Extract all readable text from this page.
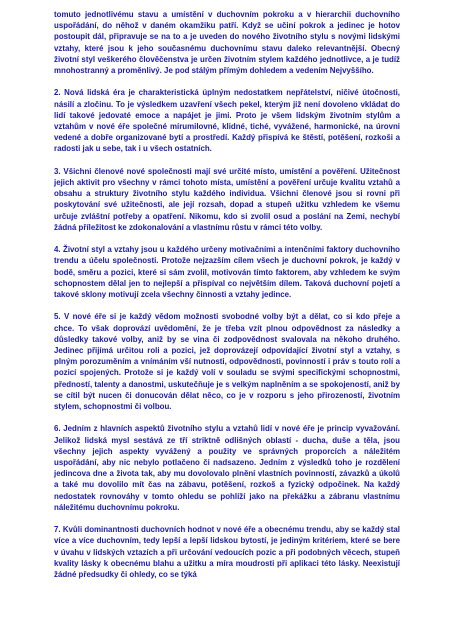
tomuto jednotlivému stavu a umístění v duchovním pokroku a v hierarchii duchovního uspořádání, do něhož v daném okamžiku patří. Když se učiní pokrok a jedinec je hotov postoupit dál, připravuje se na to a je uveden do nového životního stylu s novými lidskými vztahy, které jsou k jeho současnému duchovnímu stavu daleko relevantnější. Obecný životní styl veškerého člověčenstva je určen životním stylem každého jednotlivce, a je tudíž mnohostranný a proměnlivý. Je pod stálým přímým dohledem a vedením Nejvyššího.

2. Nová lidská éra je charakteristická úplným nedostatkem nepřátelství, ničivé útočnosti, násilí a zločinu. To je výsledkem uzavření všech pekel, kterým již není dovoleno vkládat do lidí takové jedovaté emoce a napájet je jimi. Proto je všem lidským životním stylům a vztahům v nové éře společné mírumilovné, klidné, tiché, vyvážené, harmonické, na úrovni vedené a dobře organizované bytí a prostředí. Každý přispívá ke štěstí, potěšení, rozkoši a radosti jak u sebe, tak i u všech ostatních.

3. Všichni členové nové společnosti mají své určité místo, umístění a pověření. Užitečnost jejich aktivit pro všechny v rámci tohoto místa, umístění a pověření určuje kvalitu vztahů a obsahu a struktury životního stylu každého individua. Všichni členové jsou si rovni při poskytování své užitečnosti, ale její rozsah, dopad a stupeň užitku vzhledem ke všemu určuje zvláštní potřeby a opatření. Nikomu, kdo si zvolil osud a poslání na Zemi, nechybí žádná příležitost ke zdokonalování a vlastnímu růstu v rámci této volby.

4. Životní styl a vztahy jsou u každého určeny motivačními a intenčními faktory duchovního trendu a účelu společnosti. Protože nejzazším cílem všech je duchovní pokrok, je každý v bodě, směru a pozici, které si sám zvolil, motivován tímto faktorem, aby vzhledem ke svým schopnostem dělal jen to nejlepší a přispíval co největším dílem. Taková duchovní pojetí a takové sklony motivují zcela všechny činnosti a vztahy jedince.

5. V nové éře si je každý vědom možnosti svobodné volby být a dělat, co si kdo přeje a chce. To však doprovází uvědomění, že je třeba vzít plnou odpovědnost za následky a důsledky takové volby, aniž by se vina či zodpovědnost svalovala na někoho druhého. Jedinec přijímá určitou roli a pozici, jež doprovázejí odpovídající životní styl a vztahy, s plným porozuměním a vnímáním vší nutnosti, odpovědnosti, povinností i práv s touto rolí a pozicí spojených. Protože si je každý volí v souladu se svými specifickými schopnostmi, předností, talenty a danostmi, uskutečňuje je s velkým naplněním a se spokojeností, aniž by se cítil být nucen či donucován dělat něco, co je v rozporu s jeho přirozeností, životním stylem, schopnostmi či volbou.

6. Jedním z hlavních aspektů životního stylu a vztahů lidí v nové éře je princip vyvažování. Jelikož lidská mysl sestává ze tří striktně odlišných oblastí - ducha, duše a těla, jsou všechny jejich aspekty vyvážený a použity ve správných proporcích a náležitém uspořádání, aby nic nebylo potlačeno či nadsazeno. Jedním z výsledků toho je rozdělení jedincova dne a života tak, aby mu dovolovalo plnění vlastních povinností, závazků a úkolů a také mu dovolilo mít čas na zábavu, potěšení, rozkoš a fyzický odpočinek. Na každý nedostatek rovnováhy v tomto ohledu se pohlíží jako na překážku a zábranu vlastnímu náležitému duchovnímu pokroku.

7. Kvůli dominantnosti duchovních hodnot v nové éře a obecnému trendu, aby se každý stal více a více duchovním, tedy lepší a lepší lidskou bytostí, je jediným kritériem, které se bere v úvahu v lidských vztazích a při určování vedoucích pozic a při podobných věcech, stupeň kvality lásky k obecnému blahu a užitku a míra moudrosti při aplikaci této lásky. Neexistují žádné předsudky či ohledy, co se týká
